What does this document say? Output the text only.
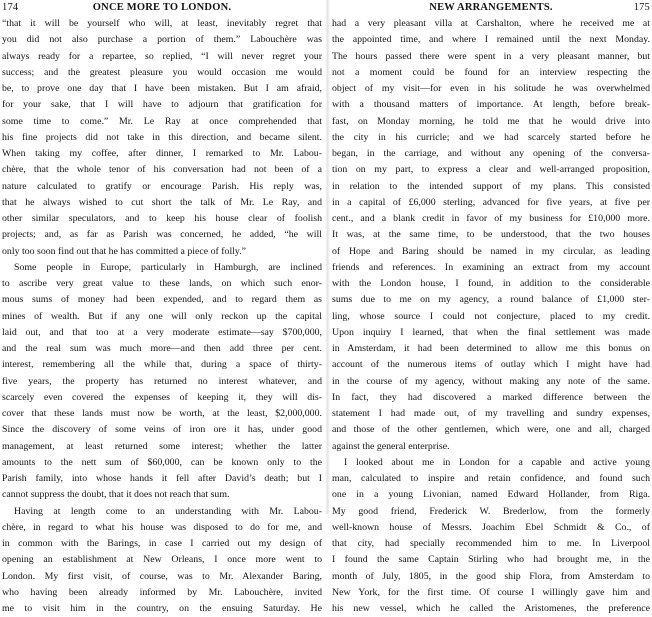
174	ONCE MORE TO LONDON.
“that it will be yourself who will, at least, inevitably regret that
you did not also purchase a portion of them.” Labouchère was
always ready for a repartee, so replied, “I will never regret your
success; and the greatest pleasure you would occasion me would
be, to prove one day that I have been mistaken. But I am afraid,
for your sake, that I will have to adjourn that gratification for
some time to come.” Mr. Le Ray at once comprehended that
his fine projects did not take in this direction, and became silent.
When taking my coffee, after dinner, I remarked to Mr. Labou-
chère, that the whole tenor of his conversation had not been of a
nature calculated to gratify or encourage Parish. His reply was,
that he always wished to cut short the talk of Mr. Le Ray, and
other similar speculators, and to keep his house clear of foolish
projects; and, as far as Parish was concerned, he added, “he will
only too soon find out that he has committed a piece of folly.”
Some people in Europe, particularly in Hamburgh, are inclined
to ascribe very great value to these lands, on which such enor-
mous sums of money had been expended, and to regard them as
mines of wealth. But if any one will only reckon up the capital
laid out, and that too at a very moderate estimate—say $700,000,
and the real sum was much more—and then add three per cent.
interest, remembering all the while that, during a space of thirty-
five years, the property has returned no interest whatever, and
scarcely even covered the expenses of keeping it, they will dis-
cover that these lands must now be worth, at the least, $2,000,000.
Since the discovery of some veins of iron ore it has, under good
management, at least returned some interest; whether the latter
amounts to the nett sum of $60,000, can be known only to the
Parish family, into whose hands it fell after David’s death; but I
cannot suppress the doubt, that it does not reach that sum.
Having at length come to an understanding with Mr. Labou-
chère, in regard to what his house was disposed to do for me, and
in common with the Barings, in case I carried out my design of
opening an establishment at New Orleans, I once more went to
London. My first visit, of course, was to Mr. Alexander Baring,
who having been already informed by Mr. Labouchère, invited
me to visit him in the country, on the ensuing Saturday. He
NEW ARRANGEMENTS.	175
had a very pleasant villa at Carshalton, where he received me at
the appointed time, and where I remained until the next Monday.
The hours passed there were spent in a very pleasant manner, but
not a moment could be found for an interview respecting the
object of my visit—for even in his solitude he was overwhelmed
with a thousand matters of importance. At length, before break-
fast, on Monday morning, he told me that he would drive into
the city in his curricle; and we had scarcely started before he
began, in the carriage, and without any opening of the conversa-
tion on my part, to express a clear and well-arranged proposition,
in relation to the intended support of my plans. This consisted
in a capital of £6,000 sterling, advanced for five years, at five per
cent., and a blank credit in favor of my business for £10,000 more.
It was, at the same time, to be understood, that the two houses
of Hope and Baring should be named in my circular, as leading
friends and references. In examining an extract from my account
with the London house, I found, in addition to the considerable
sums due to me on my agency, a round balance of £1,000 ster-
ling, whose source I could not conjecture, placed to my credit.
Upon inquiry I learned, that when the final settlement was made
in Amsterdam, it had been determined to allow me this bonus on
account of the numerous items of outlay which I might have had
in the course of my agency, without making any note of the same.
In fact, they had discovered a marked difference between the
statement I had made out, of my travelling and sundry expenses,
and those of the other gentlemen, which were, one and all, charged
against the general enterprise.
I looked about me in London for a capable and active young
man, calculated to inspire and retain confidence, and found such
one in a young Livonian, named Edward Hollander, from Riga.
My good friend, Frederick W. Brederlow, from the formerly
well-known house of Messrs. Joachim Ebel Schmidt & Co., of
that city, had specially recommended him to me. In Liverpool
I found the same Captain Stirling who had brought me, in the
month of July, 1805, in the good ship Flora, from Amsterdam to
New York, for the first time. Of course I willingly gave him and
his new vessel, which he called the Aristomenes, the preference
